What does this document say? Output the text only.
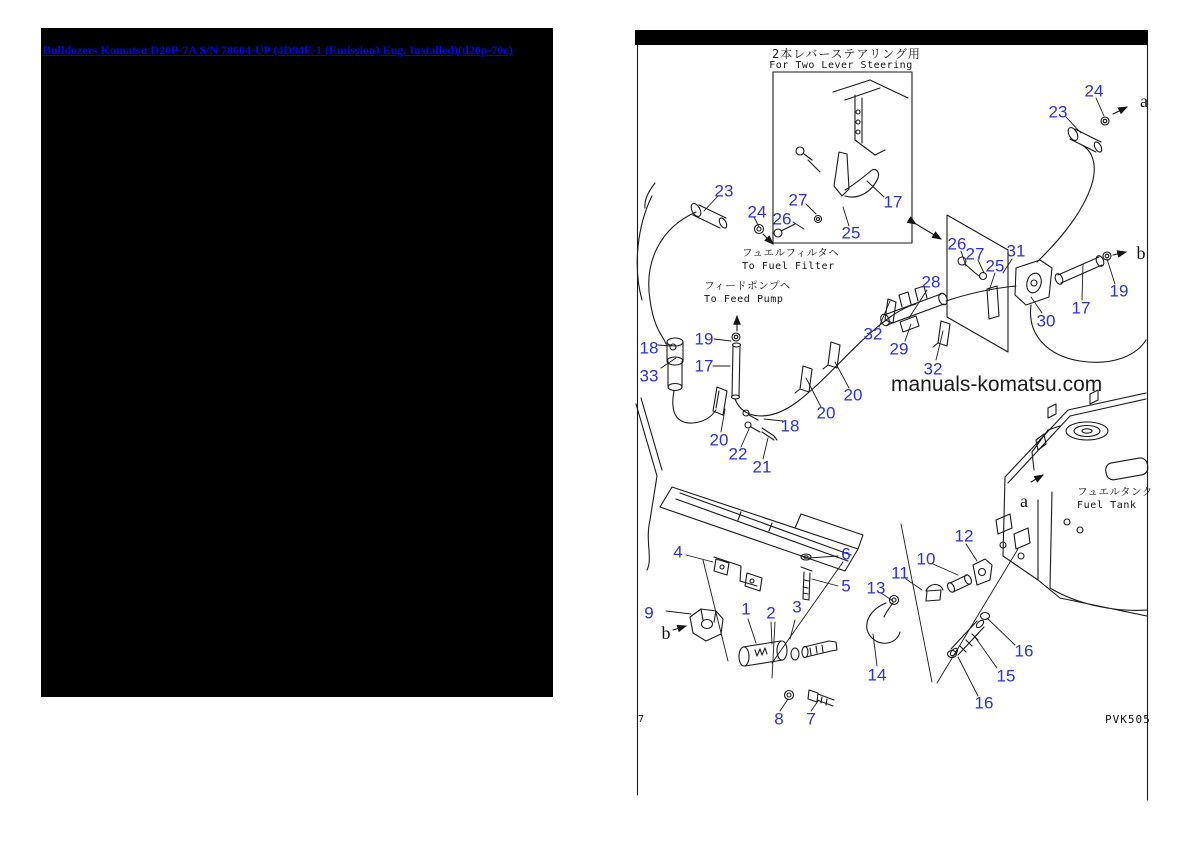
Bulldozers Komatsu D20P-7A S/N 78604-UP (4D94E-1 (Emission) Eng. Installed)(d20p-70c)	2本レバーステアリング用
For Two Lever Steering
フュエルフィルタヘ
To Fuel Filter
フィードポンプヘ
To Feed Pump
フュエルタンク
Fuel Tank
23
24
27
26
25
17
24
23
26
27
25
31
30
17
19
28
32
29
32
20
20
18
20
22
21
18
33
19
17
4	6
5
9	1 2 3
8 7
12
10
11
13
14
16
15
16
a
b
a
b
manuals-komatsu.com
PVK505
7
